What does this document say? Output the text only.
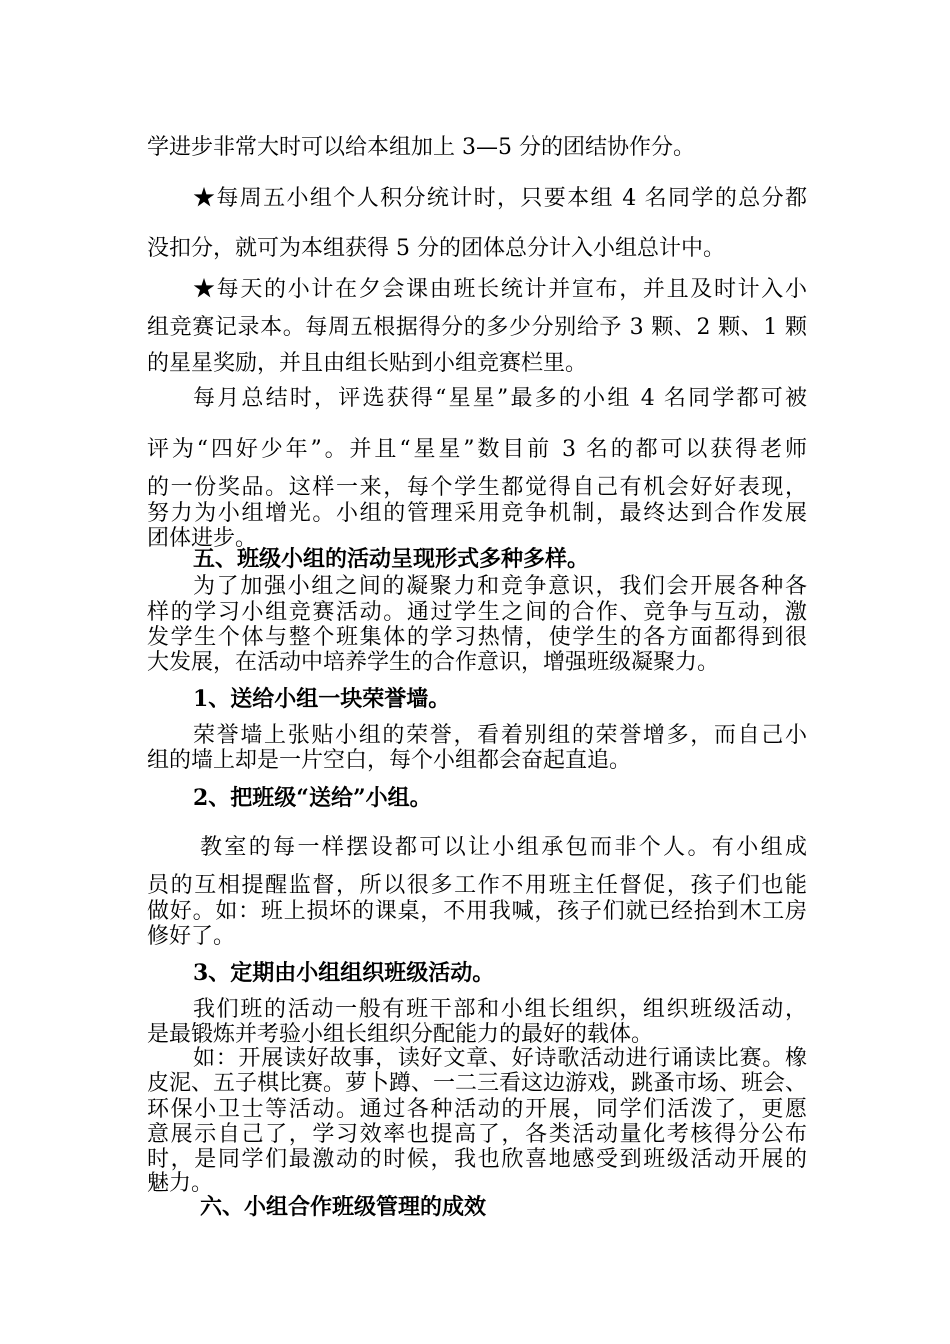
学进步非常大时可以给本组加上 3—5 分的团结协作分。
★每周五小组个人积分统计时，只要本组 4 名同学的总分都
没扣分，就可为本组获得 5 分的团体总分计入小组总计中。
★每天的小计在夕会课由班长统计并宣布，并且及时计入小
组竞赛记录本。每周五根据得分的多少分别给予 3 颗、2 颗、1 颗
的星星奖励，并且由组长贴到小组竞赛栏里。
每月总结时，评选获得“星星”最多的小组 4 名同学都可被
评为“四好少年”。并且“星星”数目前 3 名的都可以获得老师
的一份奖品。这样一来，每个学生都觉得自己有机会好好表现，
努力为小组增光。小组的管理采用竞争机制，最终达到合作发展
团体进步。
五、班级小组的活动呈现形式多种多样。
为了加强小组之间的凝聚力和竞争意识，我们会开展各种各
样的学习小组竞赛活动。通过学生之间的合作、竞争与互动，激
发学生个体与整个班集体的学习热情，使学生的各方面都得到很
大发展，在活动中培养学生的合作意识，增强班级凝聚力。
1、送给小组一块荣誉墙。
荣誉墙上张贴小组的荣誉，看着别组的荣誉增多，而自己小
组的墙上却是一片空白，每个小组都会奋起直追。
2、把班级“送给”小组。
教室的每一样摆设都可以让小组承包而非个人。有小组成
员的互相提醒监督，所以很多工作不用班主任督促，孩子们也能
做好。如：班上损坏的课桌，不用我喊，孩子们就已经抬到木工房
修好了。
3、定期由小组组织班级活动。
我们班的活动一般有班干部和小组长组织，组织班级活动，
是最锻炼并考验小组长组织分配能力的最好的载体。
如：开展读好故事，读好文章、好诗歌活动进行诵读比赛。橡
皮泥、五子棋比赛。萝卜蹲、一二三看这边游戏，跳蚤市场、班会、
环保小卫士等活动。通过各种活动的开展，同学们活泼了，更愿
意展示自己了，学习效率也提高了，各类活动量化考核得分公布
时，是同学们最激动的时候，我也欣喜地感受到班级活动开展的
魅力。
六、小组合作班级管理的成效
